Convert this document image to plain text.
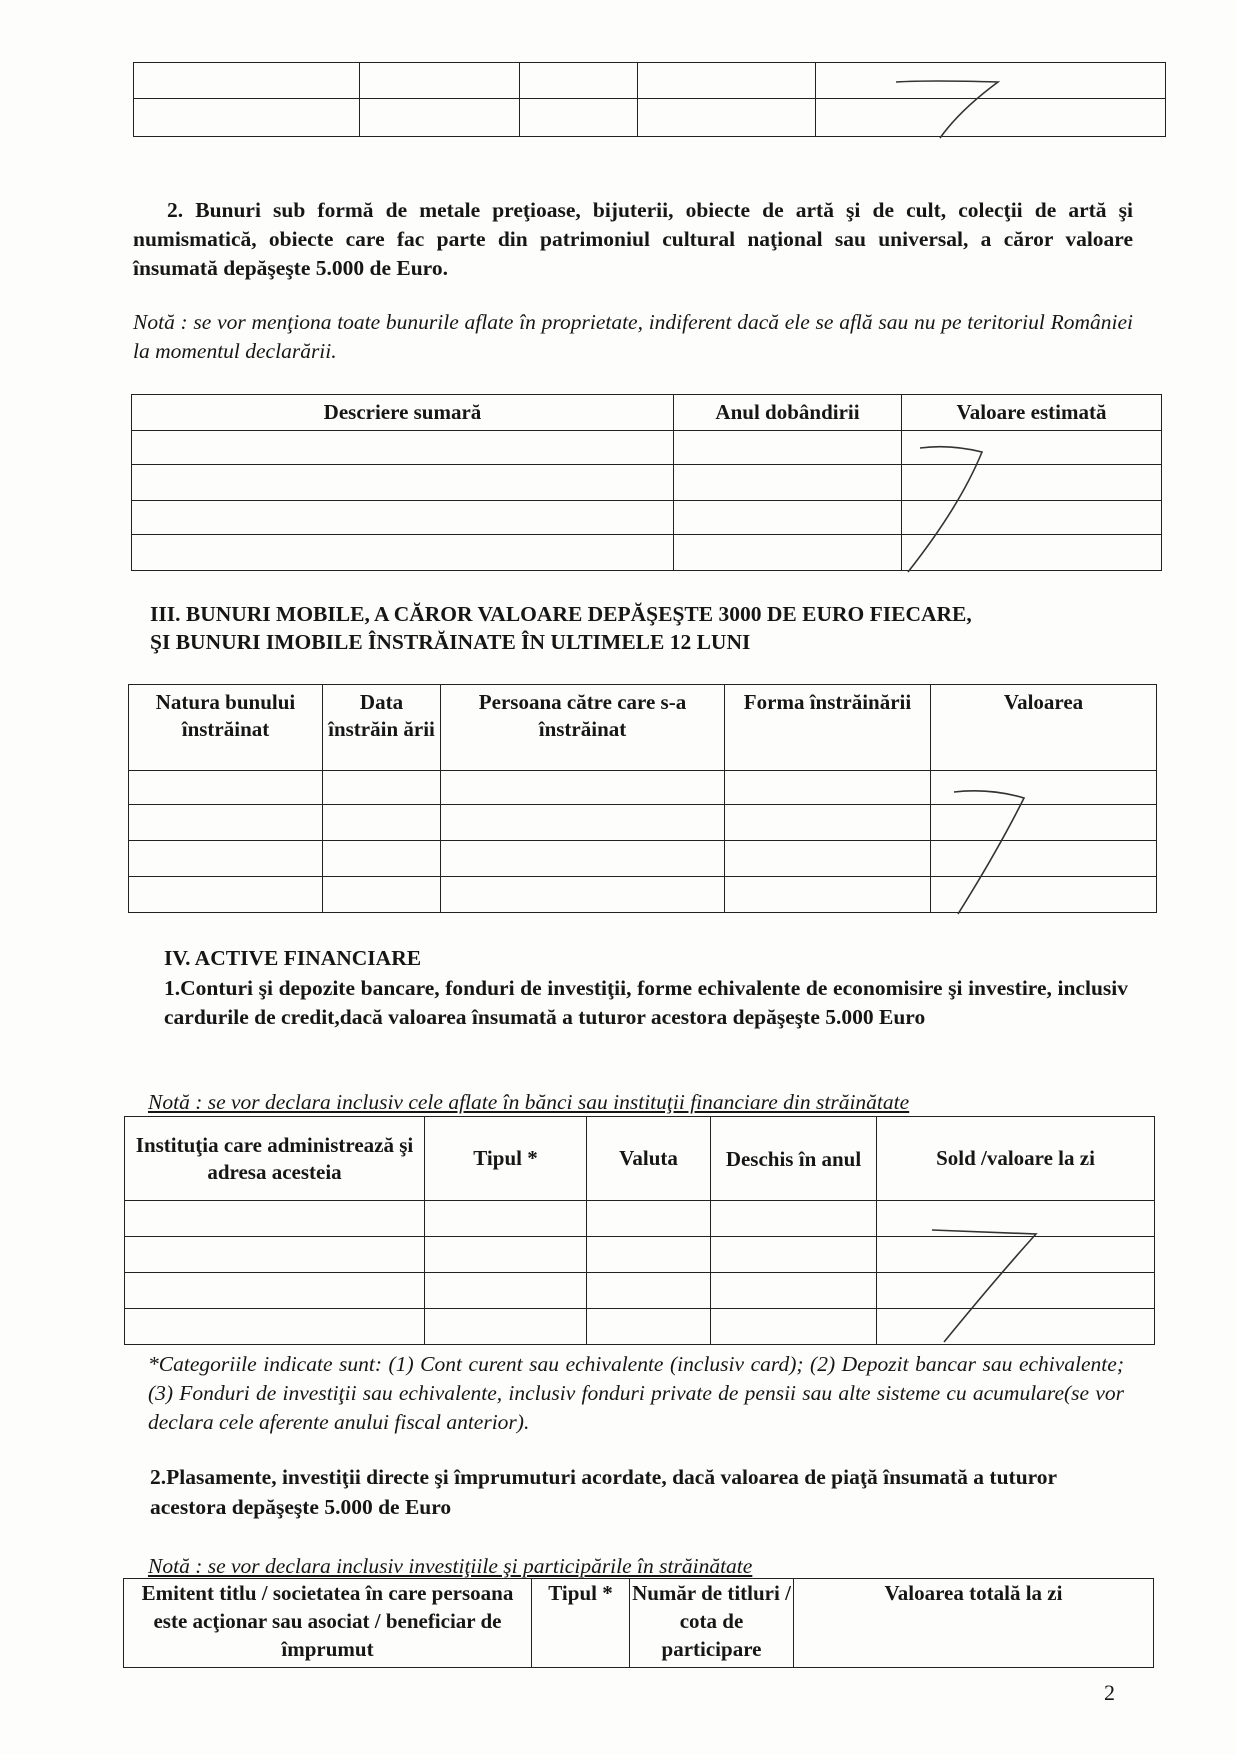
2. Bunuri sub formă de metale preţioase, bijuterii, obiecte de artă şi de cult, colecţii de artă şi numismatică, obiecte care fac parte din patrimoniul cultural naţional sau universal, a căror valoare însumată depăşeşte 5.000 de Euro.
Notă : se vor menţiona toate bunurile aflate în proprietate, indiferent dacă ele se află sau nu pe teritoriul României la momentul declarării.
Descriere sumară	Anul dobândirii	Valoare estimată

III. BUNURI MOBILE, A CĂROR VALOARE DEPĂŞEŞTE 3000 DE EURO FIECARE,
ŞI BUNURI IMOBILE ÎNSTRĂINATE ÎN ULTIMELE 12 LUNI
Natura bunului înstrăinat	Data înstrăin ării	Persoana către care s-a înstrăinat	Forma înstrăinării	Valoarea

IV. ACTIVE FINANCIARE
1.Conturi şi depozite bancare, fonduri de investiţii, forme echivalente de economisire şi investire, inclusiv cardurile de credit,dacă valoarea însumată a tuturor acestora depăşeşte 5.000 Euro
Notă : se vor declara inclusiv cele aflate în bănci sau instituţii financiare din străinătate
Instituţia care administrează şi adresa acesteia	Tipul *	Valuta	Deschis în anul	Sold /valoare la zi

*Categoriile indicate sunt: (1) Cont curent sau echivalente (inclusiv card); (2) Depozit bancar sau echivalente; (3) Fonduri de investiţii sau echivalente, inclusiv fonduri private de pensii sau alte sisteme cu acumulare(se vor declara cele aferente anului fiscal anterior).
2.Plasamente, investiţii directe şi împrumuturi acordate, dacă valoarea de piaţă însumată a tuturor acestora depăşeşte 5.000 de Euro
Notă : se vor declara inclusiv investiţiile şi participările în străinătate
Emitent titlu / societatea în care persoana este acţionar sau asociat / beneficiar de împrumut	Tipul *	Număr de titluri / cota de participare	Valoarea totală la zi
2
